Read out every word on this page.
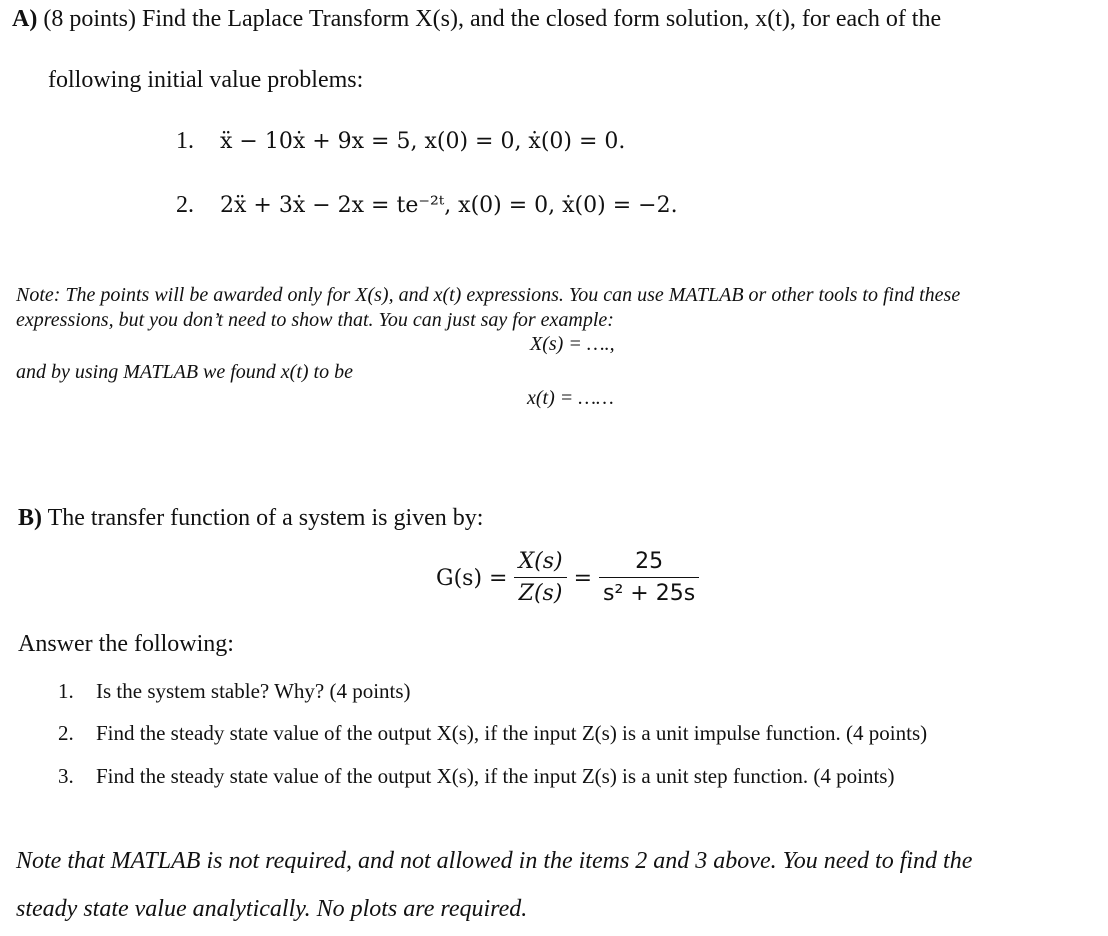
A) (8 points) Find the Laplace Transform X(s), and the closed form solution, x(t), for each of the
following initial value problems:
1. ẍ − 10ẋ + 9x = 5, x(0) = 0, ẋ(0) = 0.
2. 2ẍ + 3ẋ − 2x = te⁻²ᵗ, x(0) = 0, ẋ(0) = −2.
Note: The points will be awarded only for X(s), and x(t) expressions. You can use MATLAB or other tools to find these
expressions, but you don’t need to show that. You can just say for example:
X(s) = ….,
and by using MATLAB we found x(t) to be
x(t) = ……
B) The transfer function of a system is given by:
$G(s) = \frac{X(s)}{Z(s)} = \frac{25}{\text{s² + 25s}}$
Answer the following:
1. Is the system stable? Why? (4 points)
2. Find the steady state value of the output X(s), if the input Z(s) is a unit impulse function. (4 points)
3. Find the steady state value of the output X(s), if the input Z(s) is a unit step function. (4 points)
Note that MATLAB is not required, and not allowed in the items 2 and 3 above. You need to find the
steady state value analytically. No plots are required.
